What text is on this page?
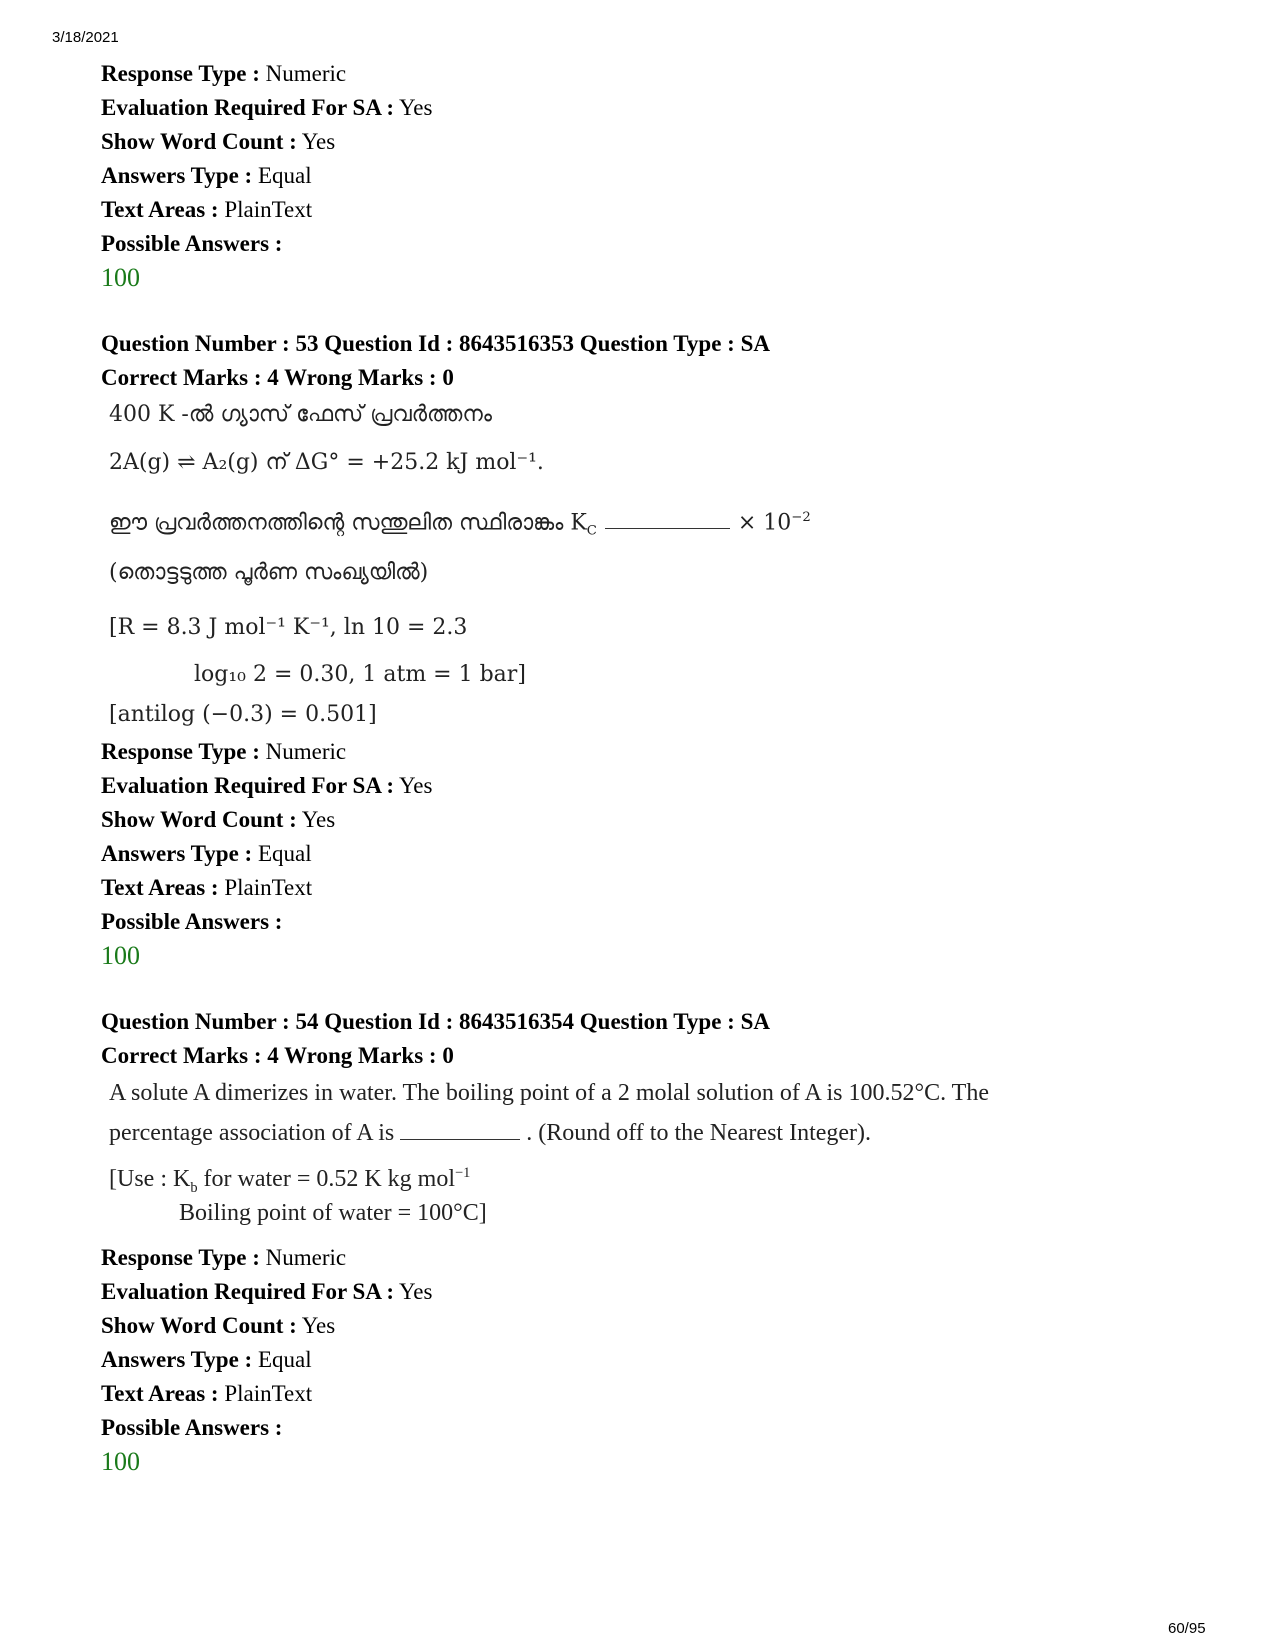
3/18/2021
Response Type : Numeric
Evaluation Required For SA : Yes
Show Word Count : Yes
Answers Type : Equal
Text Areas : PlainText
Possible Answers :
100
Question Number : 53 Question Id : 8643516353 Question Type : SA
Correct Marks : 4 Wrong Marks : 0
400 K -ൽ ഗ്യാസ് ഫേസ് പ്രവർത്തനം
2A(g) ⇌ A₂(g) ന് ΔG° = +25.2 kJ mol⁻¹.
ഈ പ്രവർത്തനത്തിന്റെ സന്തുലിത സ്ഥിരാങ്കം $K_C$	× $10^{-2}$
(തൊട്ടടുത്ത പൂർണ സംഖ്യയിൽ)
[R = 8.3 J mol⁻¹ K⁻¹, ln 10 = 2.3
log₁₀ 2 = 0.30, 1 atm = 1 bar]
[antilog (−0.3) = 0.501]
Response Type : Numeric
Evaluation Required For SA : Yes
Show Word Count : Yes
Answers Type : Equal
Text Areas : PlainText
Possible Answers :
100
Question Number : 54 Question Id : 8643516354 Question Type : SA
Correct Marks : 4 Wrong Marks : 0
A solute A dimerizes in water. The boiling point of a 2 molal solution of A is 100.52°C. The
percentage association of A is	. (Round off to the Nearest Integer).
[Use : $K_b$ for water = 0.52 K kg mol$^{-1}$
Boiling point of water = 100°C]
Response Type : Numeric
Evaluation Required For SA : Yes
Show Word Count : Yes
Answers Type : Equal
Text Areas : PlainText
Possible Answers :
100
60/95
